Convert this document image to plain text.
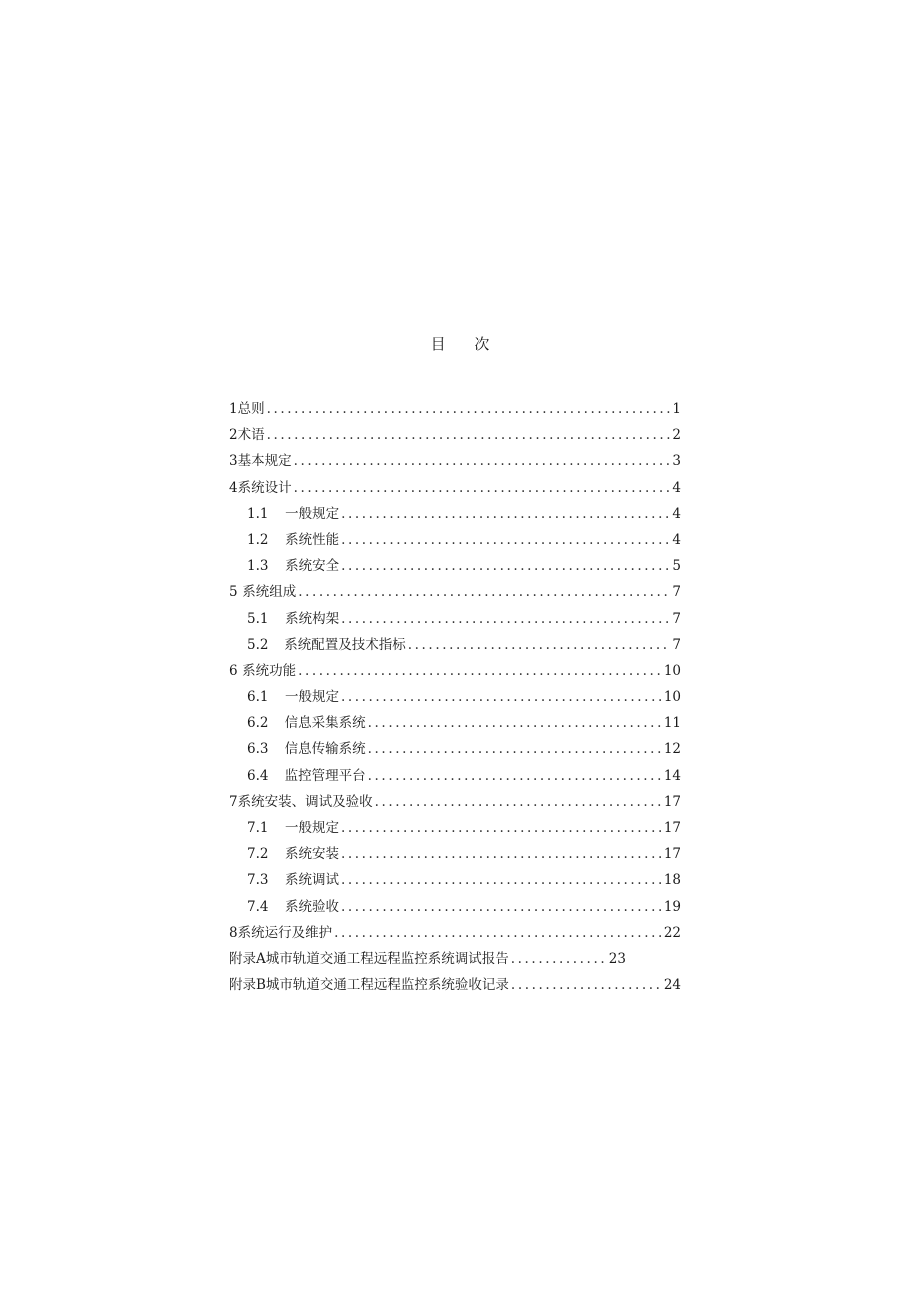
目 次
1 总则 .....	1
2 术语 .....	2
3 基本规定 .....	3
4 系统设计 .....	4
1.1	一般规定 .....	4
1.2	系统性能 .....	4
1.3	系统安全 .....	5
5 系统组成 .....	7
5.1	系统构架 .....	7
5.2	系统配置及技术指标 .....	7
6 系统功能 .....	10
6.1	一般规定 .....	10
6.2	信息采集系统 .....	11
6.3	信息传输系统 .....	12
6.4	监控管理平台 .....	14
7 系统安装、调试及验收 .....	17
7.1	一般规定 .....	17
7.2	系统安装 .....	17
7.3	系统调试 .....	18
7.4	系统验收 .....	19
8 系统运行及维护 .....	22
附录A 城市轨道交通工程远程监控系统调试报告 .....	23
附录B 城市轨道交通工程远程监控系统验收记录 .....	24
